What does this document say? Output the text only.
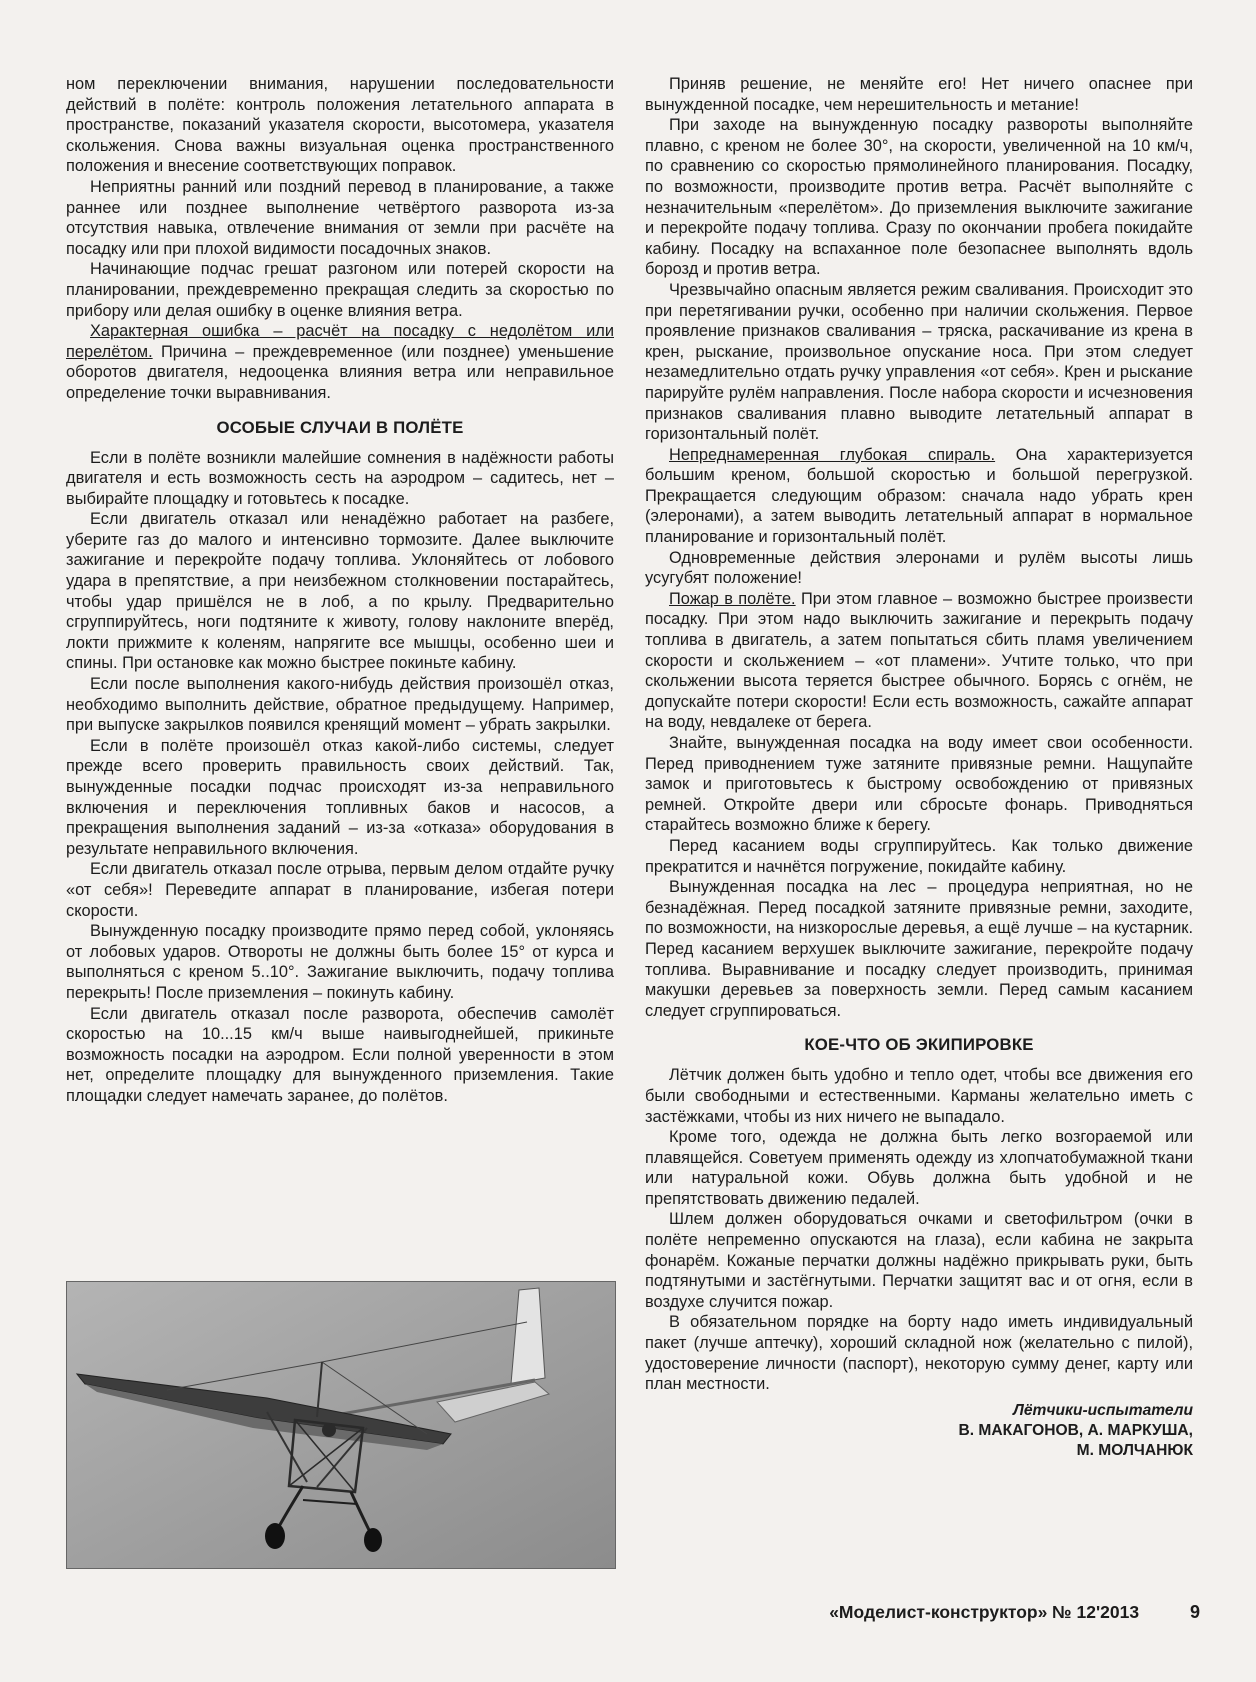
ном переключении внимания, нарушении последовательности действий в полёте: контроль положения летательного аппарата в пространстве, показаний указателя скорости, высотомера, указателя скольжения. Снова важны визуальная оценка пространственного положения и внесение соответствующих поправок.

Неприятны ранний или поздний перевод в планирование, а также раннее или позднее выполнение четвёртого разворота из-за отсутствия навыка, отвлечение внимания от земли при расчёте на посадку или при плохой видимости посадочных знаков.

Начинающие подчас грешат разгоном или потерей скорости на планировании, преждевременно прекращая следить за скоростью по прибору или делая ошибку в оценке влияния ветра.

Характерная ошибка – расчёт на посадку с недолётом или перелётом. Причина – преждевременное (или позднее) уменьшение оборотов двигателя, недооценка влияния ветра или неправильное определение точки выравнивания.

ОСОБЫЕ СЛУЧАИ В ПОЛЁТЕ

Если в полёте возникли малейшие сомнения в надёжности работы двигателя и есть возможность сесть на аэродром – садитесь, нет – выбирайте площадку и готовьтесь к посадке.

Если двигатель отказал или ненадёжно работает на разбеге, уберите газ до малого и интенсивно тормозите. Далее выключите зажигание и перекройте подачу топлива. Уклоняйтесь от лобового удара в препятствие, а при неизбежном столкновении постарайтесь, чтобы удар пришёлся не в лоб, а по крылу. Предварительно сгруппируйтесь, ноги подтяните к животу, голову наклоните вперёд, локти прижмите к коленям, напрягите все мышцы, особенно шеи и спины. При остановке как можно быстрее покиньте кабину.

Если после выполнения какого-нибудь действия произошёл отказ, необходимо выполнить действие, обратное предыдущему. Например, при выпуске закрылков появился кренящий момент – убрать закрылки.

Если в полёте произошёл отказ какой-либо системы, следует прежде всего проверить правильность своих действий. Так, вынужденные посадки подчас происходят из-за неправильного включения и переключения топливных баков и насосов, а прекращения выполнения заданий – из-за «отказа» оборудования в результате неправильного включения.

Если двигатель отказал после отрыва, первым делом отдайте ручку «от себя»! Переведите аппарат в планирование, избегая потери скорости.

Вынужденную посадку производите прямо перед собой, уклоняясь от лобовых ударов. Отвороты не должны быть более 15° от курса и выполняться с креном 5..10°. Зажигание выключить, подачу топлива перекрыть! После приземления – покинуть кабину.

Если двигатель отказал после разворота, обеспечив самолёт скоростью на 10...15 км/ч выше наивыгоднейшей, прикиньте возможность посадки на аэродром. Если полной уверенности в этом нет, определите площадку для вынужденного приземления. Такие площадки следует намечать заранее, до полётов.

Приняв решение, не меняйте его! Нет ничего опаснее при вынужденной посадке, чем нерешительность и метание!

При заходе на вынужденную посадку развороты выполняйте плавно, с креном не более 30°, на скорости, увеличенной на 10 км/ч, по сравнению со скоростью прямолинейного планирования. Посадку, по возможности, производите против ветра. Расчёт выполняйте с незначительным «перелётом». До приземления выключите зажигание и перекройте подачу топлива. Сразу по окончании пробега покидайте кабину. Посадку на вспаханное поле безопаснее выполнять вдоль борозд и против ветра.

Чрезвычайно опасным является режим сваливания. Происходит это при перетягивании ручки, особенно при наличии скольжения. Первое проявление признаков сваливания – тряска, раскачивание из крена в крен, рыскание, произвольное опускание носа. При этом следует незамедлительно отдать ручку управления «от себя». Крен и рыскание парируйте рулём направления. После набора скорости и исчезновения признаков сваливания плавно выводите летательный аппарат в горизонтальный полёт.

Непреднамеренная глубокая спираль. Она характеризуется большим креном, большой скоростью и большой перегрузкой. Прекращается следующим образом: сначала надо убрать крен (элеронами), а затем выводить летательный аппарат в нормальное планирование и горизонтальный полёт.

Одновременные действия элеронами и рулём высоты лишь усугубят положение!

Пожар в полёте. При этом главное – возможно быстрее произвести посадку. При этом надо выключить зажигание и перекрыть подачу топлива в двигатель, а затем попытаться сбить пламя увеличением скорости и скольжением – «от пламени». Учтите только, что при скольжении высота теряется быстрее обычного. Борясь с огнём, не допускайте потери скорости! Если есть возможность, сажайте аппарат на воду, невдалеке от берега.

Знайте, вынужденная посадка на воду имеет свои особенности. Перед приводнением туже затяните привязные ремни. Нащупайте замок и приготовьтесь к быстрому освобождению от привязных ремней. Откройте двери или сбросьте фонарь. Приводняться старайтесь возможно ближе к берегу.

Перед касанием воды сгруппируйтесь. Как только движение прекратится и начнётся погружение, покидайте кабину.

Вынужденная посадка на лес – процедура неприятная, но не безнадёжная. Перед посадкой затяните привязные ремни, заходите, по возможности, на низкорослые деревья, а ещё лучше – на кустарник. Перед касанием верхушек выключите зажигание, перекройте подачу топлива. Выравнивание и посадку следует производить, принимая макушки деревьев за поверхность земли. Перед самым касанием следует сгруппироваться.

КОЕ-ЧТО ОБ ЭКИПИРОВКЕ

Лётчик должен быть удобно и тепло одет, чтобы все движения его были свободными и естественными. Карманы желательно иметь с застёжками, чтобы из них ничего не выпадало.

Кроме того, одежда не должна быть легко возгораемой или плавящейся. Советуем применять одежду из хлопчатобумажной ткани или натуральной кожи. Обувь должна быть удобной и не препятствовать движению педалей.

Шлем должен оборудоваться очками и светофильтром (очки в полёте непременно опускаются на глаза), если кабина не закрыта фонарём. Кожаные перчатки должны надёжно прикрывать руки, быть подтянутыми и застёгнутыми. Перчатки защитят вас и от огня, если в воздухе случится пожар.

В обязательном порядке на борту надо иметь индивидуальный пакет (лучше аптечку), хороший складной нож (желательно с пилой), удостоверение личности (паспорт), некоторую сумму денег, карту или план местности.

Лётчики-испытатели
В. МАКАГОНОВ, А. МАРКУША,
М. МОЛЧАНЮК
«Моделист-конструктор» № 12'2013	9
